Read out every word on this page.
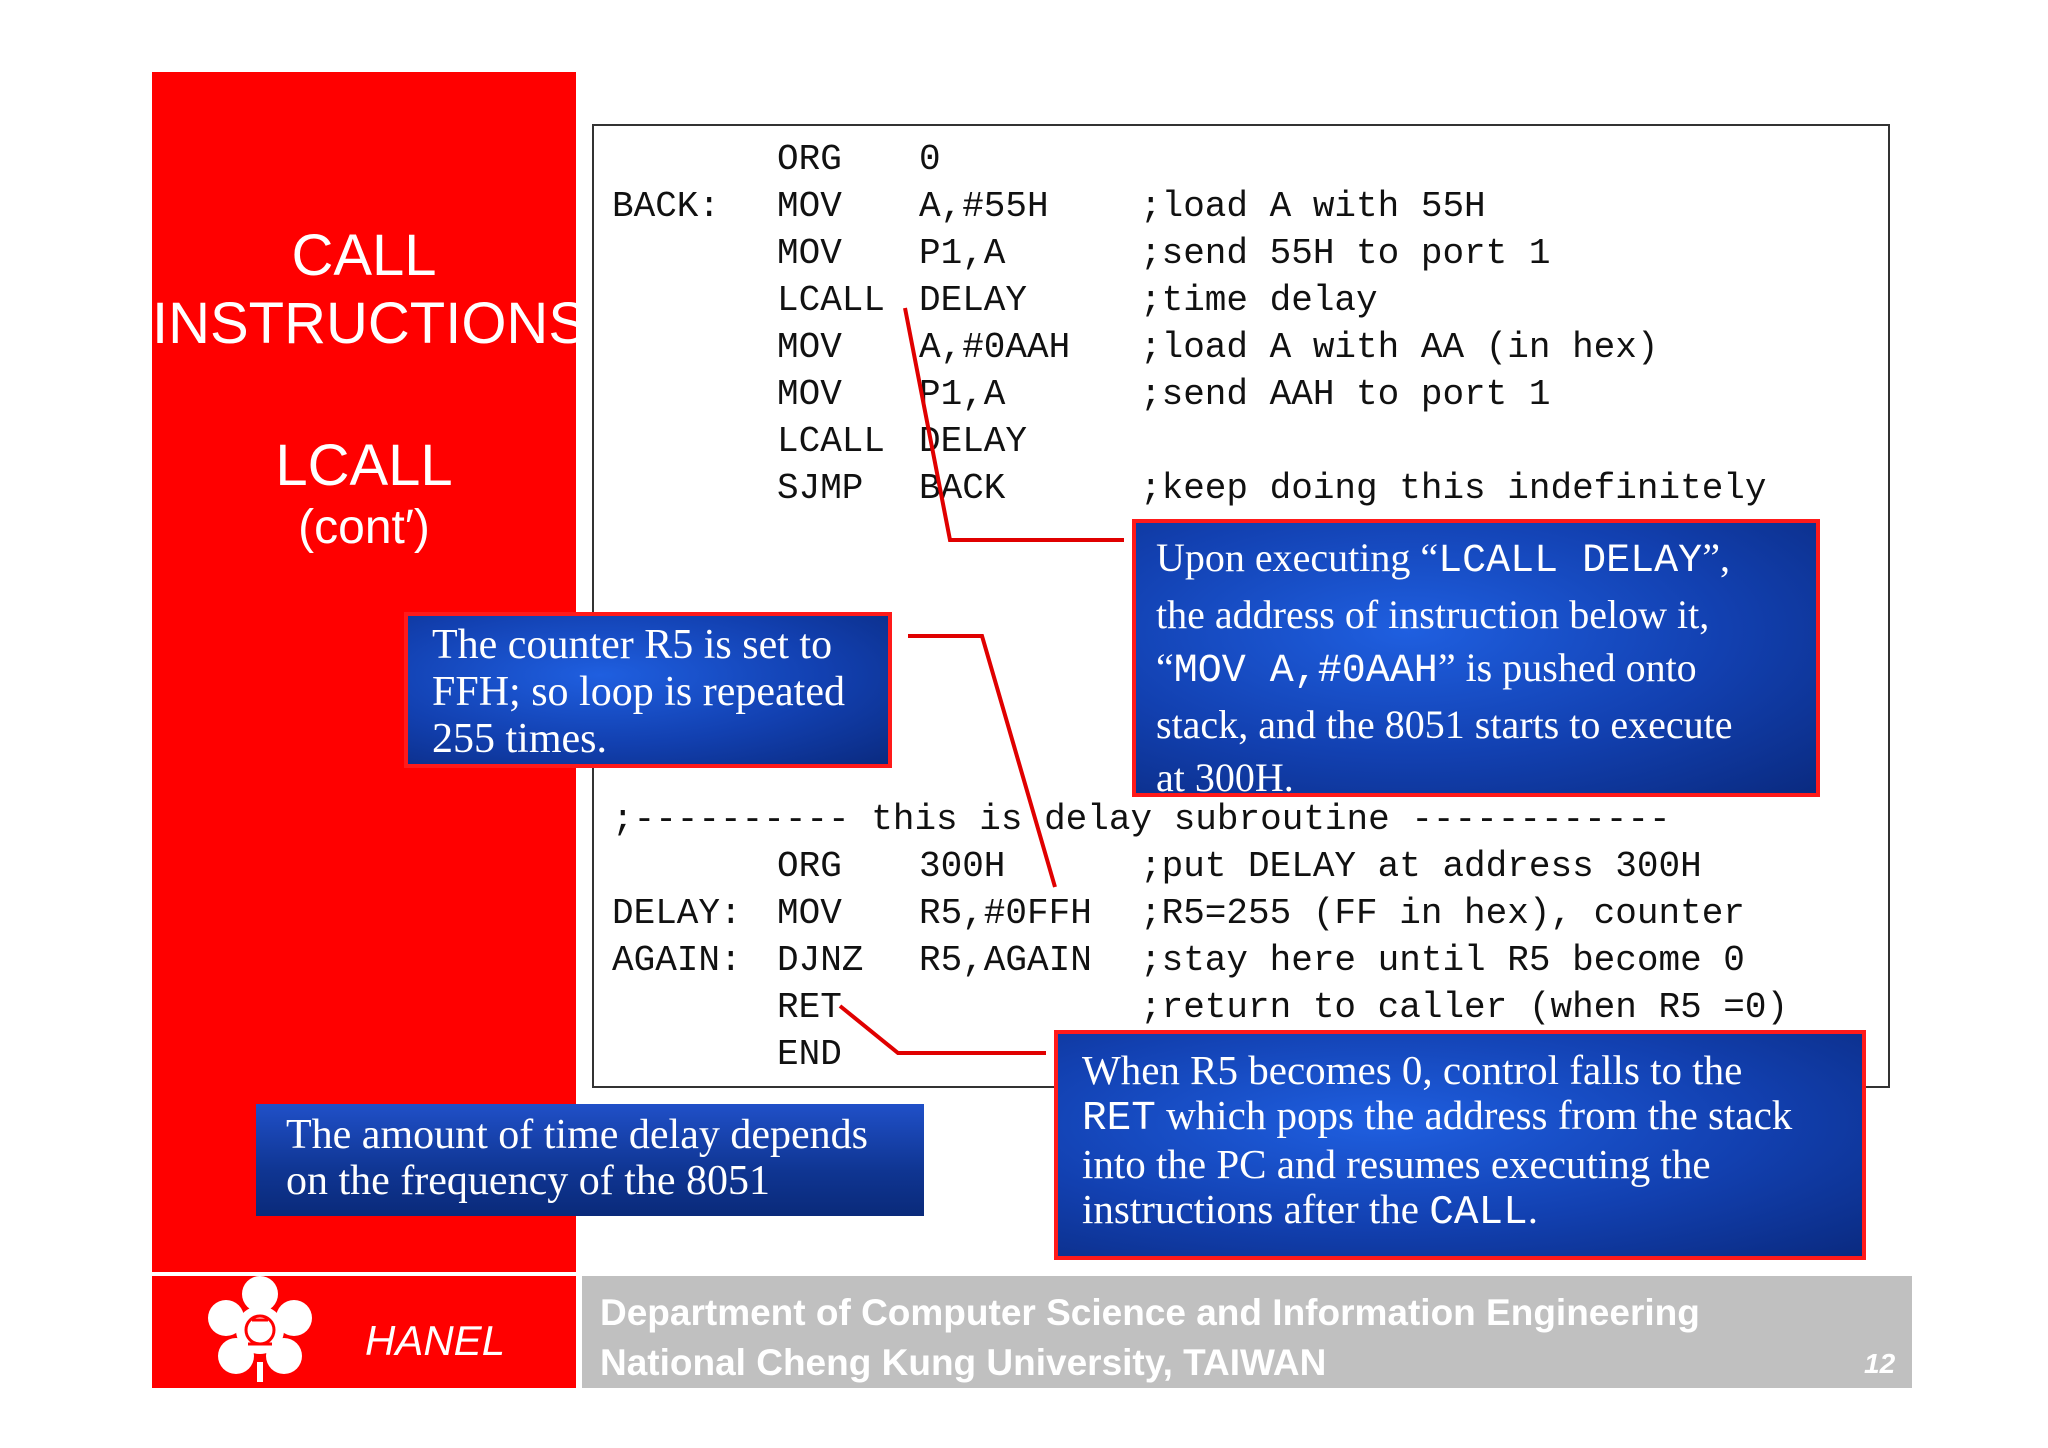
CALL
INSTRUCTIONS
LCALL
(cont′)
ORG 0
BACK: MOV A,#55H	;load A with 55H
MOV P1,A	;send 55H to port 1
LCALL DELAY	;time delay
MOV A,#0AAH ;load A with AA (in hex)
MOV P1,A	;send AAH to port 1
LCALL DELAY
SJMP BACK	;keep doing this indefinitely
;---------- this is delay subroutine ------------
ORG 300H	;put DELAY at address 300H
DELAY: MOV R5,#0FFH ;R5=255 (FF in hex), counter
AGAIN: DJNZ R5,AGAIN ;stay here until R5 become 0
RET	;return to caller (when R5 =0)
END
Upon executing “LCALL DELAY”,
the address of instruction below it,
“MOV A,#0AAH” is pushed onto
stack, and the 8051 starts to execute
at 300H.
The counter R5 is set to
FFH; so loop is repeated
255 times.
The amount of time delay depends
on the frequency of the 8051
When R5 becomes 0, control falls to the
RET which pops the address from the stack
into the PC and resumes executing the
instructions after the CALL.
HANEL
Department of Computer Science and Information Engineering
National Cheng Kung University, TAIWAN	12
